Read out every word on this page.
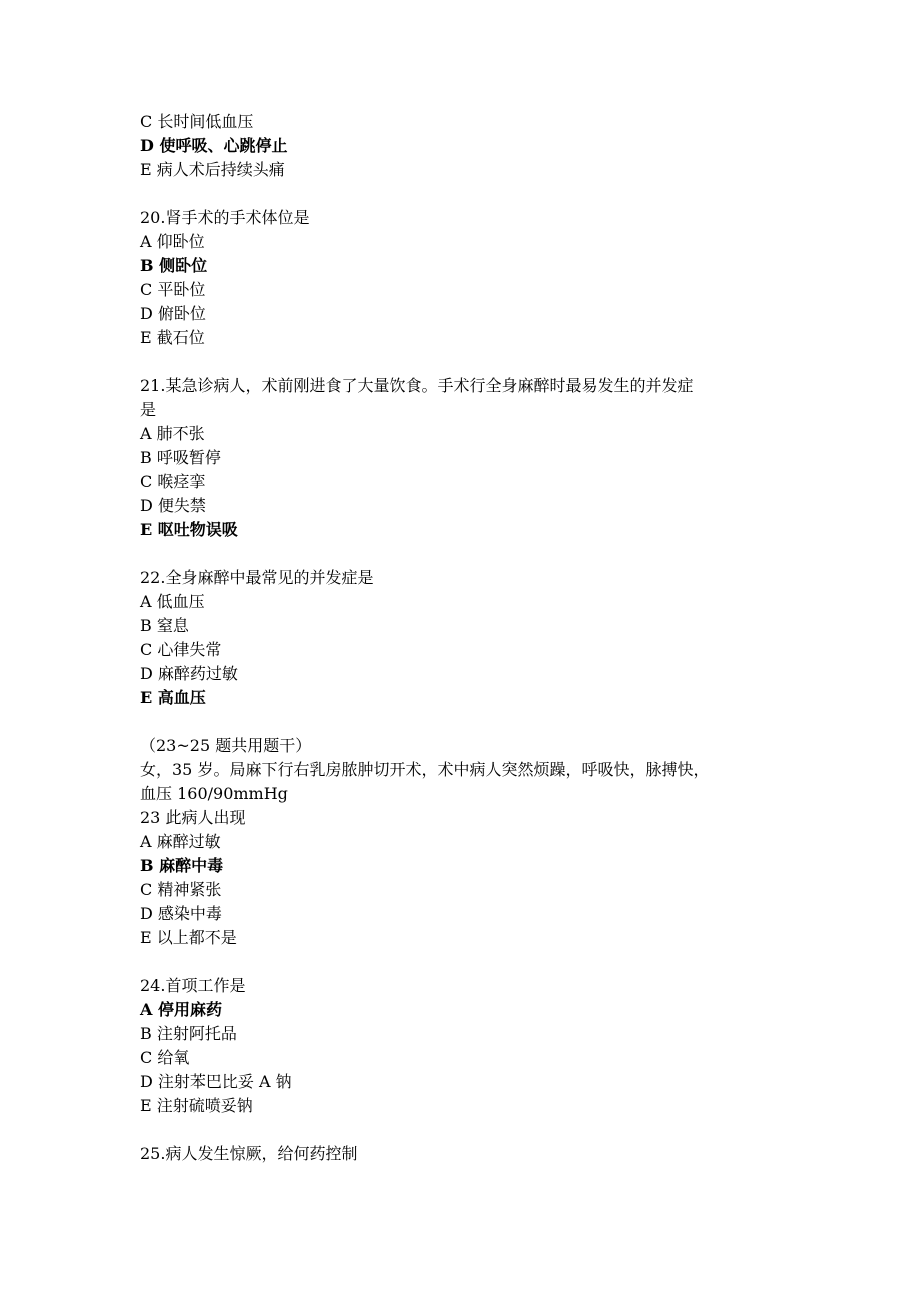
C 长时间低血压
D 使呼吸、心跳停止
E 病人术后持续头痛
20.肾手术的手术体位是
A 仰卧位
B 侧卧位
C 平卧位
D 俯卧位
E 截石位
21.某急诊病人，术前刚进食了大量饮食。手术行全身麻醉时最易发生的并发症
是
A 肺不张
B 呼吸暂停
C 喉痉挛
D 便失禁
E 呕吐物误吸
22.全身麻醉中最常见的并发症是
A 低血压
B 窒息
C 心律失常
D 麻醉药过敏
E 高血压
（23~25 题共用题干）
女，35 岁。局麻下行右乳房脓肿切开术，术中病人突然烦躁，呼吸快，脉搏快，
血压 160/90mmHg
23 此病人出现
A 麻醉过敏
B 麻醉中毒
C 精神紧张
D 感染中毒
E 以上都不是
24.首项工作是
A 停用麻药
B 注射阿托品
C 给氧
D 注射苯巴比妥 A 钠
E 注射硫喷妥钠
25.病人发生惊厥，给何药控制
